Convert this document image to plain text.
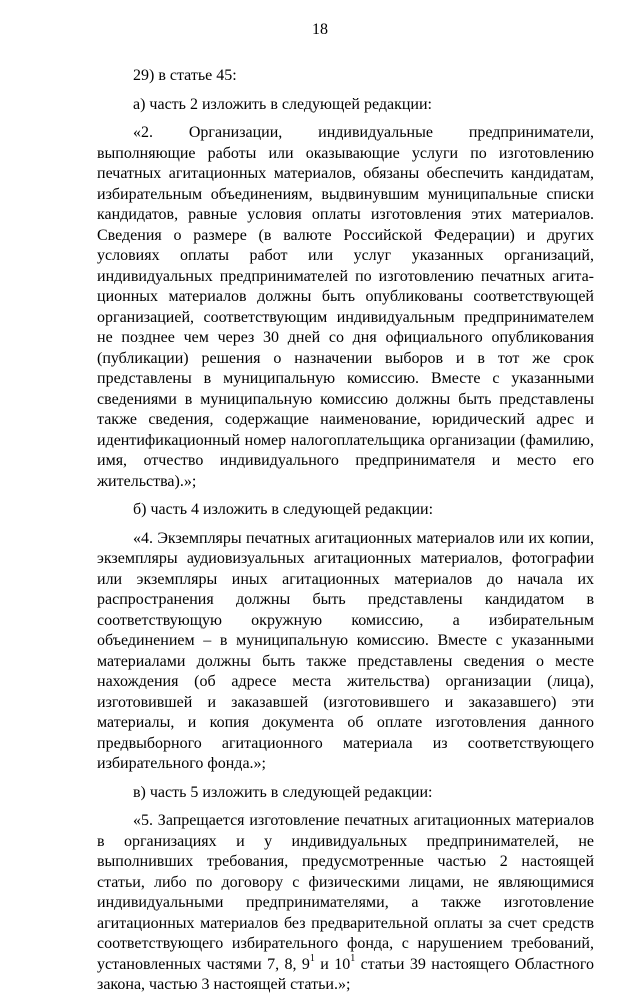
18

29) в статье 45:

а) часть 2 изложить в следующей редакции:

«2. Организации, индивидуальные предприниматели, выполняющие работы или оказывающие услуги по изготовлению печатных агитационных материалов, обязаны обеспечить кандидатам, избирательным объединениям, выдвинувшим муниципальные списки кандидатов, равные условия оплаты изготовления этих материалов. Сведения о размере (в валюте Российской Федерации) и других условиях оплаты работ или услуг указанных организаций, индивидуальных предпринимателей по изготовлению печатных агитационных материалов должны быть опубликованы соответствующей организацией, соответствующим индивидуальным предпринимателем не позднее чем через 30 дней со дня официального опубликования (публикации) решения о назначении выборов и в тот же срок представлены в муниципальную комиссию. Вместе с указанными сведениями в муниципальную комиссию должны быть представлены также сведения, содержащие наименование, юридический адрес и идентификационный номер налогоплательщика организации (фамилию, имя, отчество индивидуального предпринимателя и место его жительства).»;

б) часть 4 изложить в следующей редакции:

«4. Экземпляры печатных агитационных материалов или их копии, экземпляры аудиовизуальных агитационных материалов, фотографии или экземпляры иных агитационных материалов до начала их распространения должны быть представлены кандидатом в соответствующую окружную комиссию, а избирательным объединением – в муниципальную комиссию. Вместе с указанными материалами должны быть также представлены сведения о месте нахождения (об адресе места жительства) организации (лица), изготовившей и заказавшей (изготовившего и заказавшего) эти материалы, и копия документа об оплате изготовления данного предвыборного агитационного материала из соответствующего избирательного фонда.»;

в) часть 5 изложить в следующей редакции:

«5. Запрещается изготовление печатных агитационных материалов в организациях и у индивидуальных предпринимателей, не выполнивших требования, предусмотренные частью 2 настоящей статьи, либо по договору с физическими лицами, не являющимися индивидуальными предпринимателями, а также изготовление агитационных материалов без предварительной оплаты за счет средств соответствующего избирательного фонда, с нарушением требований, установленных частями 7, 8, $9^1$ и $10^1$ статьи 39 настоящего Областного закона, частью 3 настоящей статьи.»;
